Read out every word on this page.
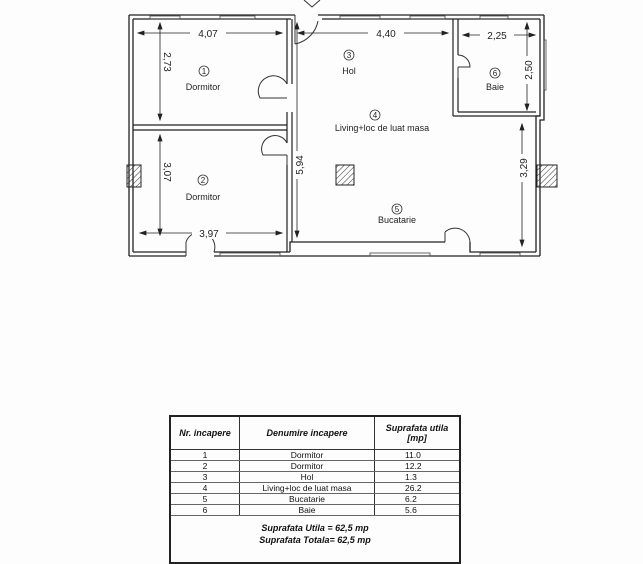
4,07	4,40	2,25
3,97
2,73
3,07	5,94
2,50
3,29
1
Dormitor
2
Dormitor
3
Hol
4
Living+loc de luat masa
5
Bucatarie
6
Baie
Nr. incapere	Denumire incapere	Suprafata utila [mp]
1	Dormitor	11.0
2	Dormitor	12.2
3	Hol	1.3
4	Living+loc de luat masa	26.2
5	Bucatarie	6.2
6	Baie	5.6

Suprafata Utila = 62,5 mp
Suprafata Totala= 62,5 mp		
